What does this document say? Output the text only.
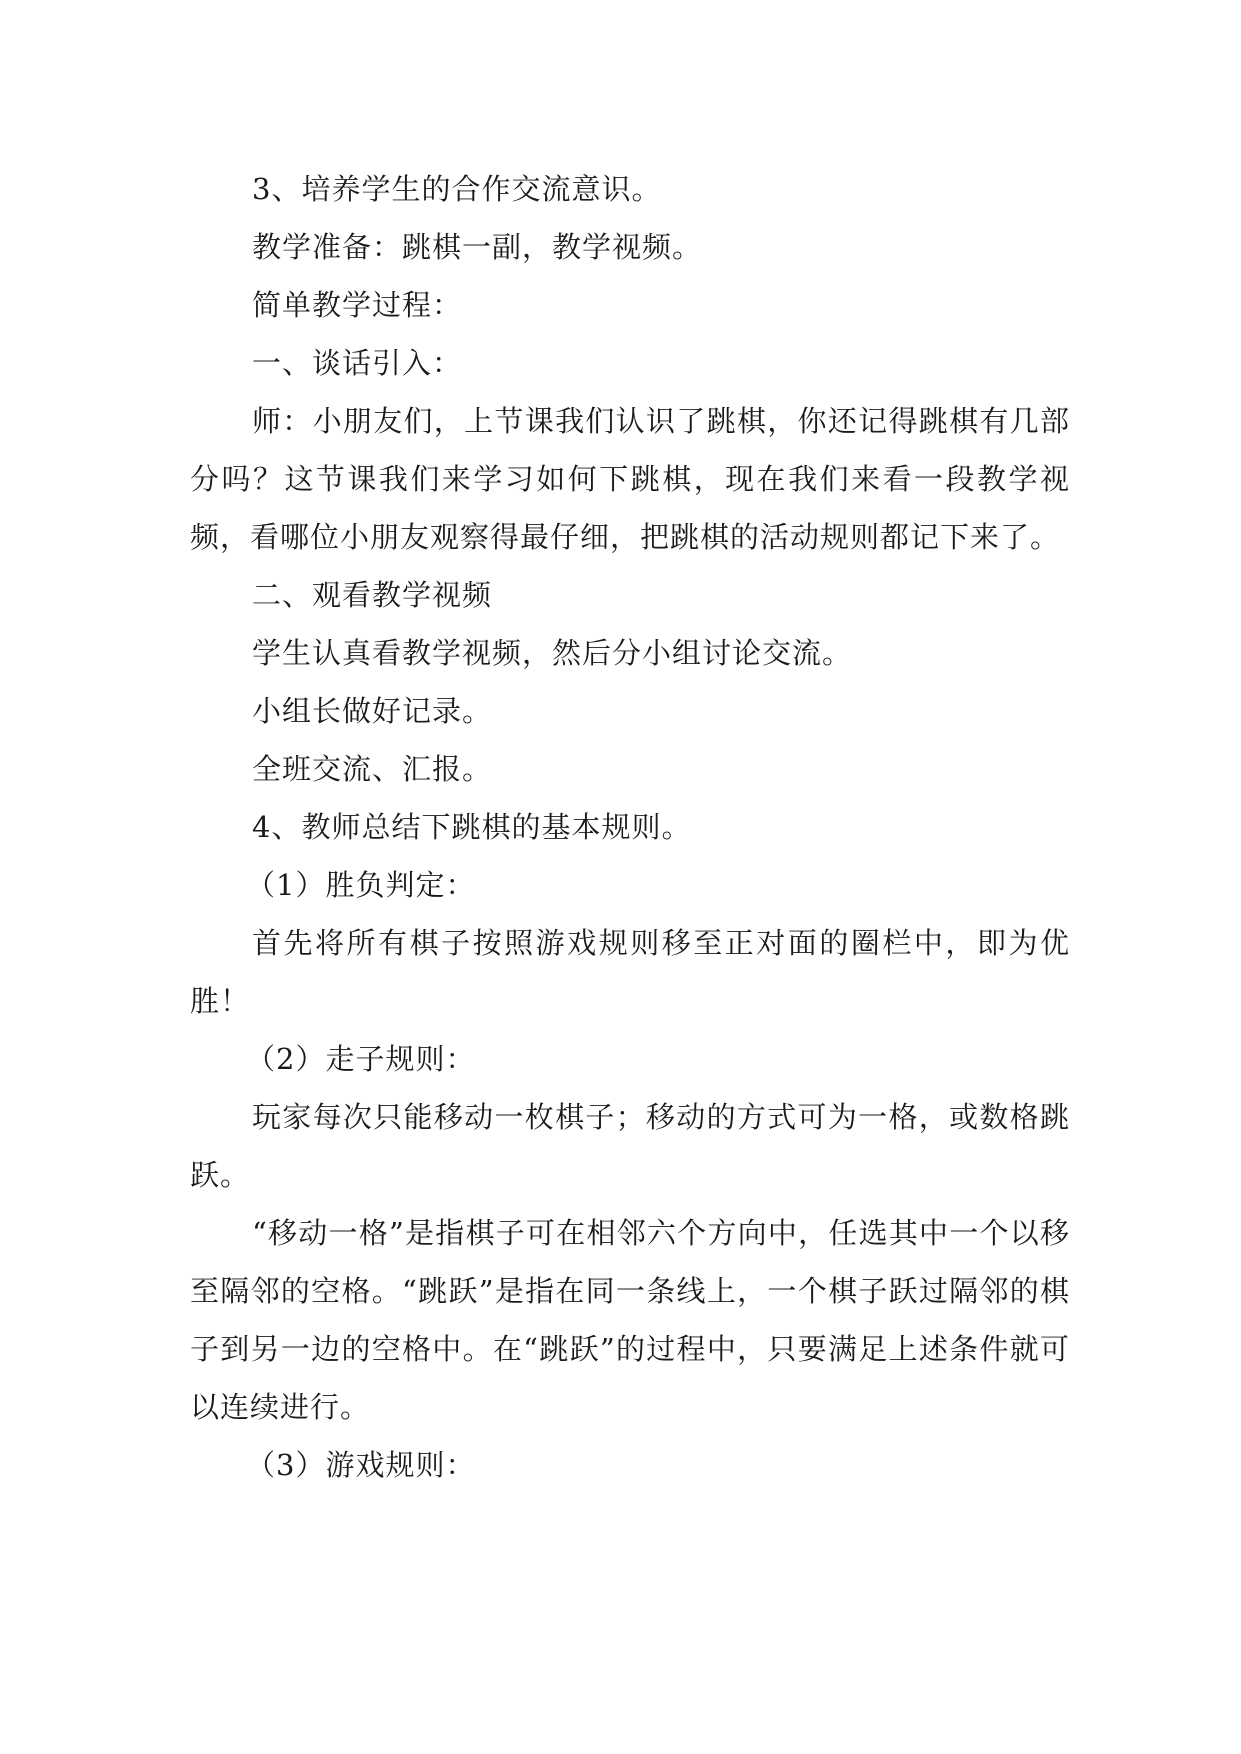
3、培养学生的合作交流意识。

教学准备：跳棋一副，教学视频。

简单教学过程：

一、谈话引入：

师：小朋友们，上节课我们认识了跳棋，你还记得跳棋有几部分吗？这节课我们来学习如何下跳棋，现在我们来看一段教学视频，看哪位小朋友观察得最仔细，把跳棋的活动规则都记下来了。

二、观看教学视频

学生认真看教学视频，然后分小组讨论交流。

小组长做好记录。

全班交流、汇报。

4、教师总结下跳棋的基本规则。

（1）胜负判定：

首先将所有棋子按照游戏规则移至正对面的圈栏中，即为优胜！

（2）走子规则：

玩家每次只能移动一枚棋子；移动的方式可为一格，或数格跳跃。

“移动一格”是指棋子可在相邻六个方向中，任选其中一个以移至隔邻的空格。“跳跃”是指在同一条线上，一个棋子跃过隔邻的棋子到另一边的空格中。在“跳跃”的过程中，只要满足上述条件就可以连续进行。

（3）游戏规则：
